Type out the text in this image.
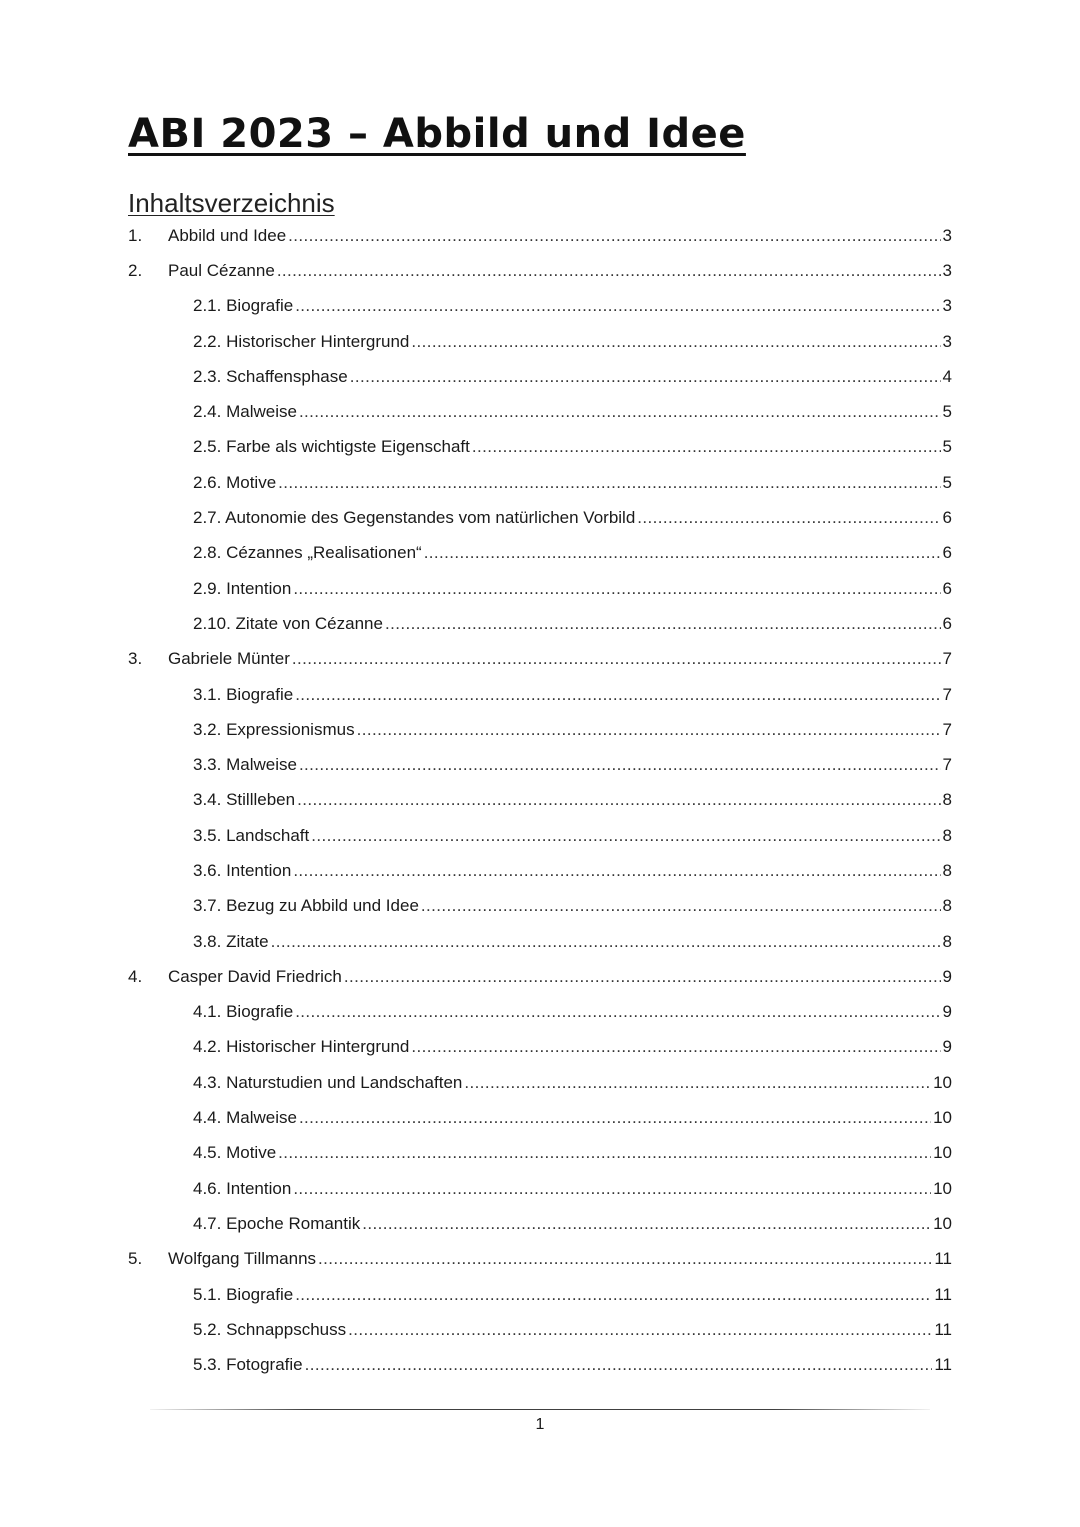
ABI 2023 – Abbild und Idee
Inhaltsverzeichnis
1.	Abbild und Idee .....	3
2.	Paul Cézanne .....	3
2.1. Biografie .....	3
2.2. Historischer Hintergrund .....	3
2.3. Schaffensphase .....	4
2.4. Malweise .....	5
2.5. Farbe als wichtigste Eigenschaft .....	5
2.6. Motive .....	5
2.7. Autonomie des Gegenstandes vom natürlichen Vorbild .....	6
2.8. Cézannes „Realisationen“ .....	6
2.9. Intention .....	6
2.10. Zitate von Cézanne .....	6
3.	Gabriele Münter .....	7
3.1. Biografie .....	7
3.2. Expressionismus .....	7
3.3. Malweise .....	7
3.4. Stillleben .....	8
3.5. Landschaft .....	8
3.6. Intention .....	8
3.7. Bezug zu Abbild und Idee .....	8
3.8. Zitate .....	8
4.	Casper David Friedrich .....	9
4.1. Biografie .....	9
4.2. Historischer Hintergrund .....	9
4.3. Naturstudien und Landschaften .....	10
4.4. Malweise .....	10
4.5. Motive .....	10
4.6. Intention .....	10
4.7. Epoche Romantik .....	10
5.	Wolfgang Tillmanns .....	11
5.1. Biografie .....	11
5.2. Schnappschuss .....	11
5.3. Fotografie .....	11
1
